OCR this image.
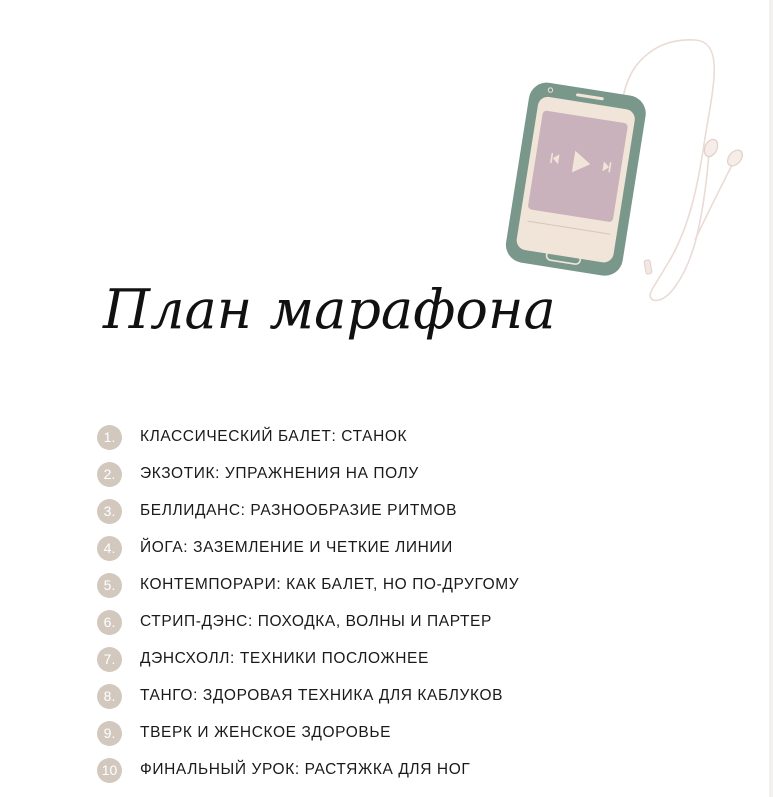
План марафона
1.	КЛАССИЧЕСКИЙ БАЛЕТ: СТАНОК
2.	ЭКЗОТИК: УПРАЖНЕНИЯ НА ПОЛУ
3.	БЕЛЛИДАНС: РАЗНООБРАЗИЕ РИТМОВ
4.	ЙОГА: ЗАЗЕМЛЕНИЕ И ЧЕТКИЕ ЛИНИИ
5.	КОНТЕМПОРАРИ: КАК БАЛЕТ, НО ПО-ДРУГОМУ
6.	СТРИП-ДЭНС: ПОХОДКА, ВОЛНЫ И ПАРТЕР
7.	ДЭНСХОЛЛ: ТЕХНИКИ ПОСЛОЖНЕЕ
8.	ТАНГО: ЗДОРОВАЯ ТЕХНИКА ДЛЯ КАБЛУКОВ
9.	ТВЕРК И ЖЕНСКОЕ ЗДОРОВЬЕ
10	ФИНАЛЬНЫЙ УРОК: РАСТЯЖКА ДЛЯ НОГ
